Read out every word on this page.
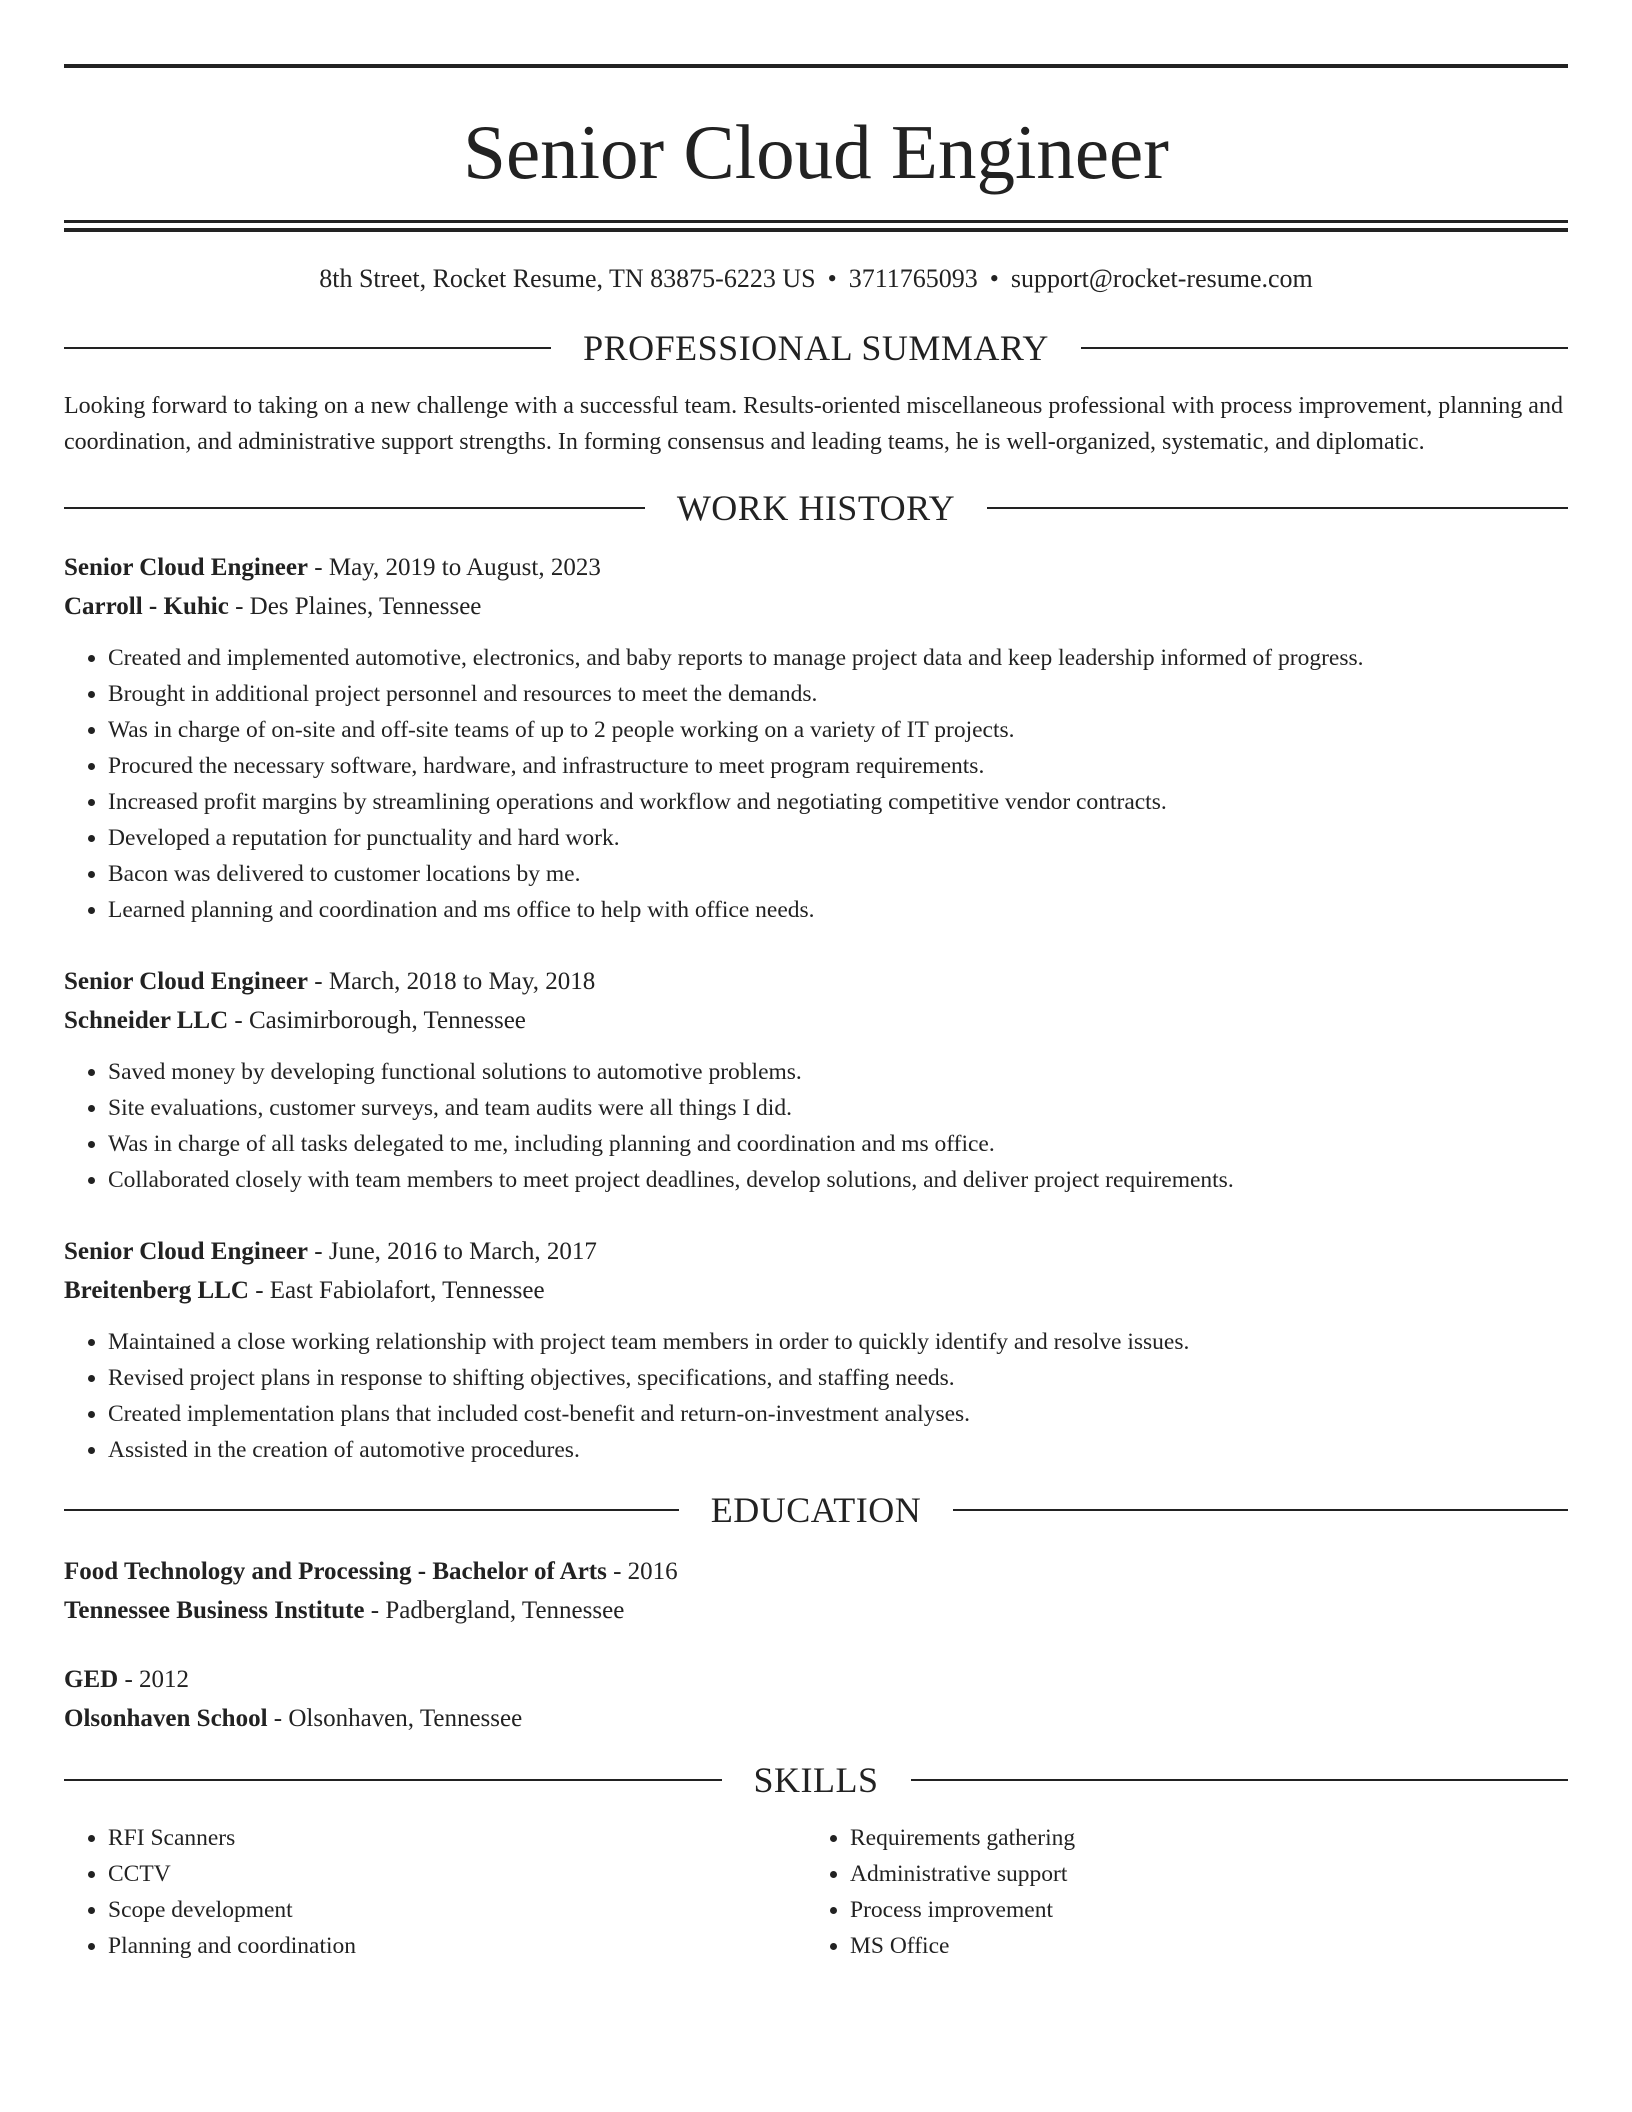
Senior Cloud Engineer
8th Street, Rocket Resume, TN 83875-6223 US • 3711765093 • support@rocket-resume.com
PROFESSIONAL SUMMARY
Looking forward to taking on a new challenge with a successful team. Results-oriented miscellaneous professional with process improvement, planning and coordination, and administrative support strengths. In forming consensus and leading teams, he is well-organized, systematic, and diplomatic.
WORK HISTORY
Senior Cloud Engineer - May, 2019 to August, 2023
Carroll - Kuhic - Des Plaines, Tennessee
• Created and implemented automotive, electronics, and baby reports to manage project data and keep leadership informed of progress.
• Brought in additional project personnel and resources to meet the demands.
• Was in charge of on-site and off-site teams of up to 2 people working on a variety of IT projects.
• Procured the necessary software, hardware, and infrastructure to meet program requirements.
• Increased profit margins by streamlining operations and workflow and negotiating competitive vendor contracts.
• Developed a reputation for punctuality and hard work.
• Bacon was delivered to customer locations by me.
• Learned planning and coordination and ms office to help with office needs.
Senior Cloud Engineer - March, 2018 to May, 2018
Schneider LLC - Casimirborough, Tennessee
• Saved money by developing functional solutions to automotive problems.
• Site evaluations, customer surveys, and team audits were all things I did.
• Was in charge of all tasks delegated to me, including planning and coordination and ms office.
• Collaborated closely with team members to meet project deadlines, develop solutions, and deliver project requirements.
Senior Cloud Engineer - June, 2016 to March, 2017
Breitenberg LLC - East Fabiolafort, Tennessee
• Maintained a close working relationship with project team members in order to quickly identify and resolve issues.
• Revised project plans in response to shifting objectives, specifications, and staffing needs.
• Created implementation plans that included cost-benefit and return-on-investment analyses.
• Assisted in the creation of automotive procedures.
EDUCATION
Food Technology and Processing - Bachelor of Arts - 2016
Tennessee Business Institute - Padbergland, Tennessee
GED - 2012
Olsonhaven School - Olsonhaven, Tennessee
SKILLS
• RFI Scanners
• CCTV
• Scope development
• Planning and coordination
• Requirements gathering
• Administrative support
• Process improvement
• MS Office
